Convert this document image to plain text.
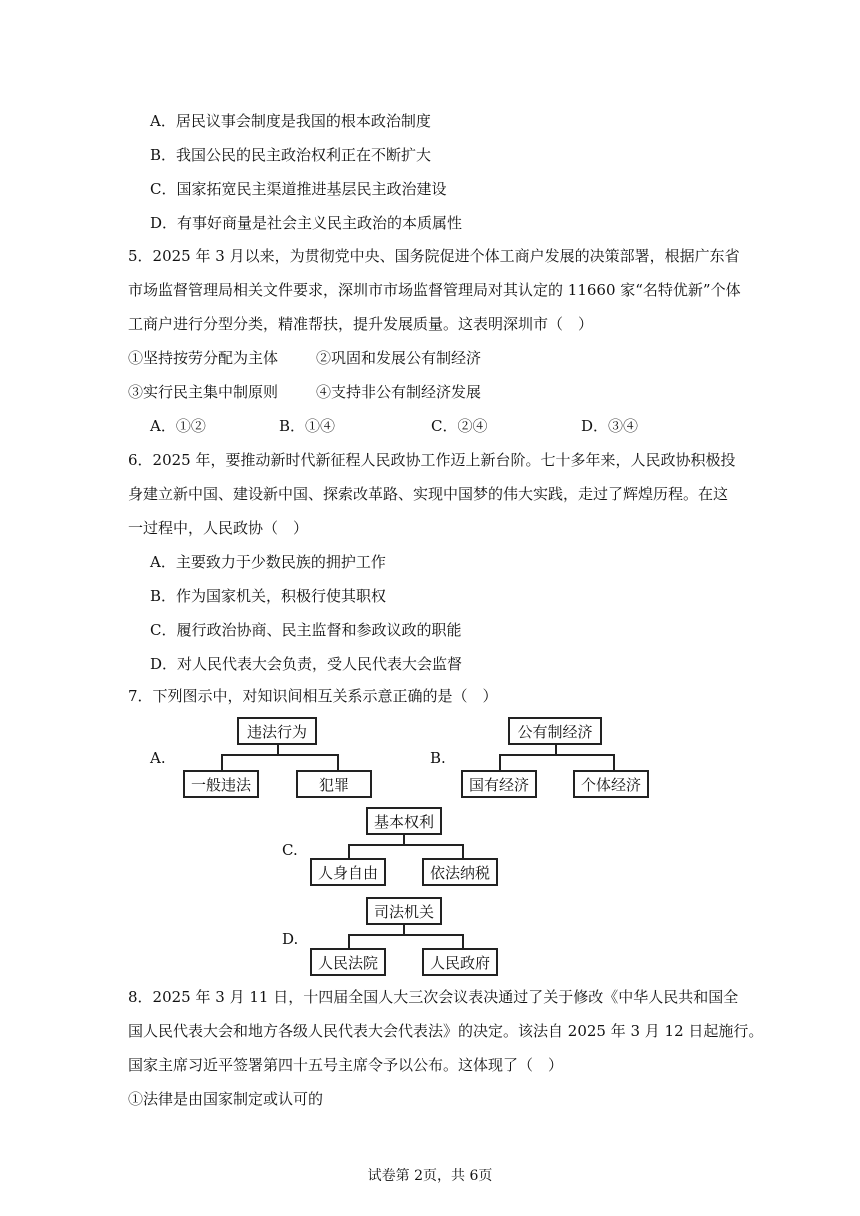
A．居民议事会制度是我国的根本政治制度
B．我国公民的民主政治权利正在不断扩大
C．国家拓宽民主渠道推进基层民主政治建设
D．有事好商量是社会主义民主政治的本质属性
5．2025 年 3 月以来，为贯彻党中央、国务院促进个体工商户发展的决策部署，根据广东省
市场监督管理局相关文件要求，深圳市市场监督管理局对其认定的 11660 家“名特优新”个体
工商户进行分型分类，精准帮扶，提升发展质量。这表明深圳市（　）
①坚持按劳分配为主体	②巩固和发展公有制经济
③实行民主集中制原则	④支持非公有制经济发展
A．①②	B．①④	C．②④	D．③④
6．2025 年，要推动新时代新征程人民政协工作迈上新台阶。七十多年来，人民政协积极投
身建立新中国、建设新中国、探索改革路、实现中国梦的伟大实践，走过了辉煌历程。在这
一过程中，人民政协（　）
A．主要致力于少数民族的拥护工作
B．作为国家机关，积极行使其职权
C．履行政治协商、民主监督和参政议政的职能
D．对人民代表大会负责，受人民代表大会监督
7．下列图示中，对知识间相互关系示意正确的是（　）
A.
违法行为
一般违法	犯罪
B.
公有制经济
国有经济	个体经济
C.
基本权利
人身自由	依法纳税
D.
司法机关
人民法院	人民政府
8．2025 年 3 月 11 日，十四届全国人大三次会议表决通过了关于修改《中华人民共和国全
国人民代表大会和地方各级人民代表大会代表法》的决定。该法自 2025 年 3 月 12 日起施行。
国家主席习近平签署第四十五号主席令予以公布。这体现了（　）
①法律是由国家制定或认可的
试卷第 2页，共 6页
